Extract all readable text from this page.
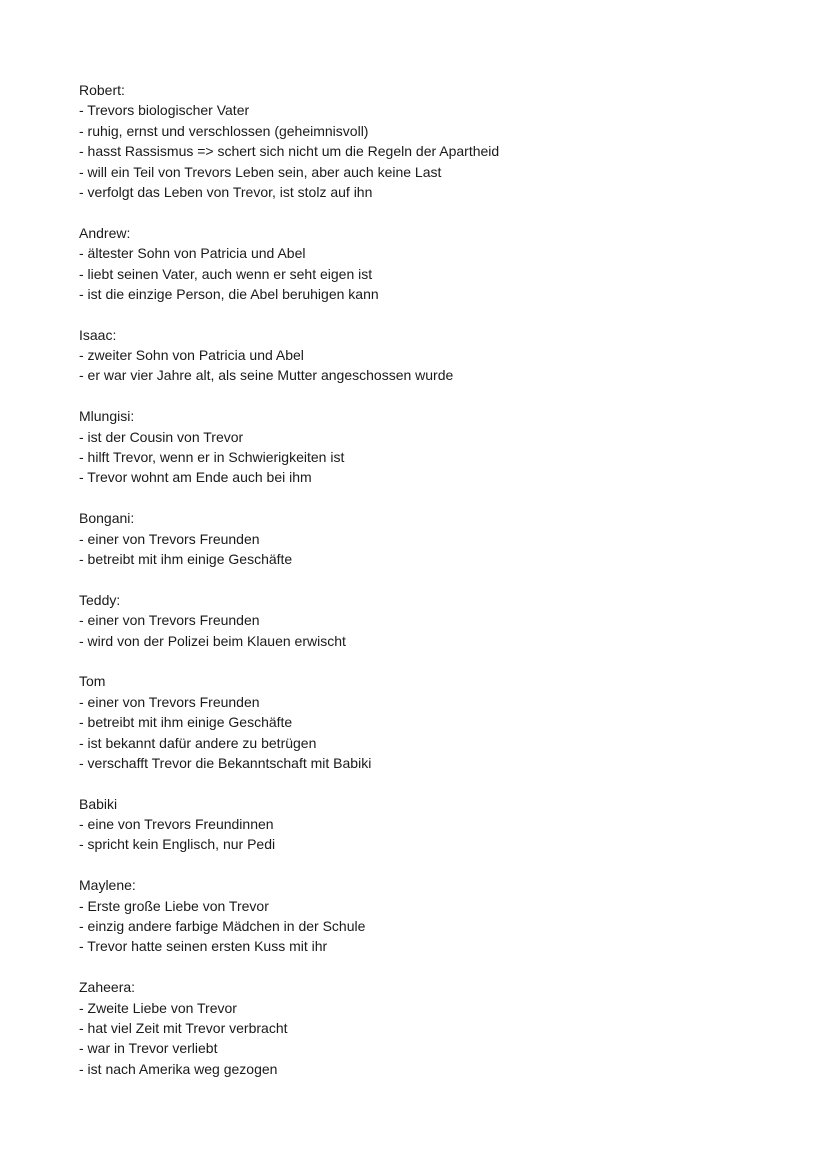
Robert:
- Trevors biologischer Vater
- ruhig, ernst und verschlossen (geheimnisvoll)
- hasst Rassismus => schert sich nicht um die Regeln der Apartheid
- will ein Teil von Trevors Leben sein, aber auch keine Last
- verfolgt das Leben von Trevor, ist stolz auf ihn
Andrew:
- ältester Sohn von Patricia und Abel
- liebt seinen Vater, auch wenn er seht eigen ist
- ist die einzige Person, die Abel beruhigen kann
Isaac:
- zweiter Sohn von Patricia und Abel
- er war vier Jahre alt, als seine Mutter angeschossen wurde
Mlungisi:
- ist der Cousin von Trevor
- hilft Trevor, wenn er in Schwierigkeiten ist
- Trevor wohnt am Ende auch bei ihm
Bongani:
- einer von Trevors Freunden
- betreibt mit ihm einige Geschäfte
Teddy:
- einer von Trevors Freunden
- wird von der Polizei beim Klauen erwischt
Tom
- einer von Trevors Freunden
- betreibt mit ihm einige Geschäfte
- ist bekannt dafür andere zu betrügen
- verschafft Trevor die Bekanntschaft mit Babiki
Babiki
- eine von Trevors Freundinnen
- spricht kein Englisch, nur Pedi
Maylene:
- Erste große Liebe von Trevor
- einzig andere farbige Mädchen in der Schule
- Trevor hatte seinen ersten Kuss mit ihr
Zaheera:
- Zweite Liebe von Trevor
- hat viel Zeit mit Trevor verbracht
- war in Trevor verliebt
- ist nach Amerika weg gezogen
